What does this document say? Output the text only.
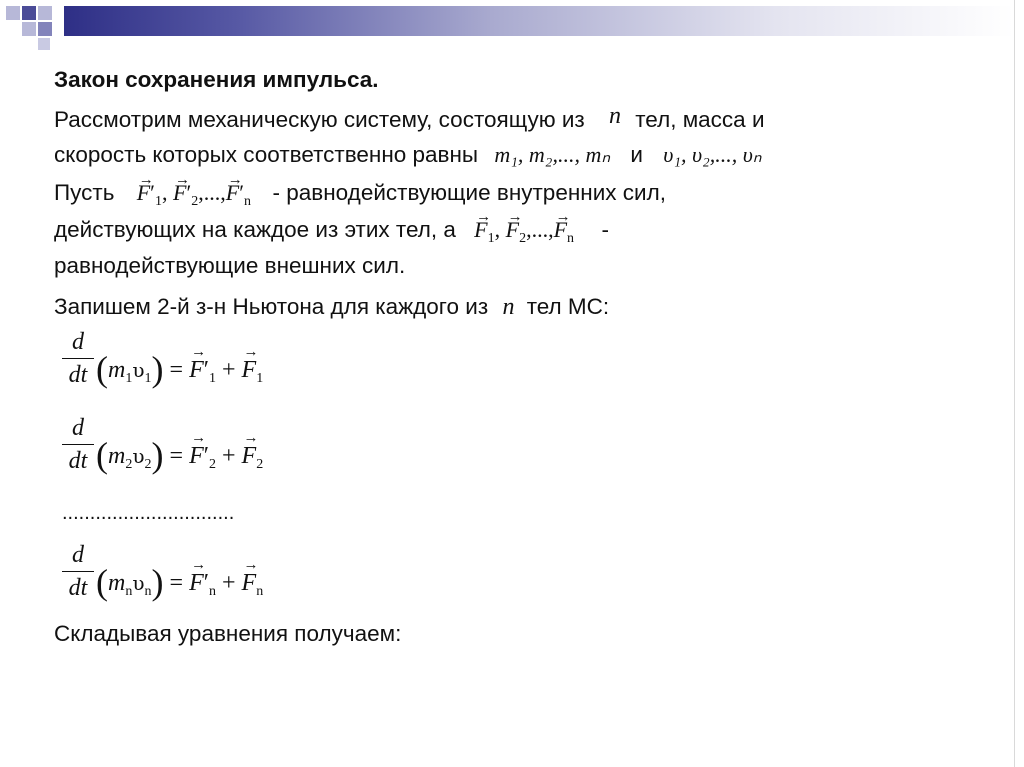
Закон сохранения импульса.
Рассмотрим механическую систему, состоящую из n тел, масса и
скорость которых соответственно равны m₁, m₂,..., mₙ и υ₁, υ₂,..., υₙ
Пусть → $F'_1$, → $F'_2,...,\to F'_n$ - равнодействующие внутренних сил,
действующих на каждое из этих тел, $а \to F_1$, → $F_2,...,\to F_n$ -
равнодействующие внешних сил.
Запишем 2-й з-н Ньютона для каждого из n тел МС:
d
dt $(m_1\upsilon_1)$ = → $F'_1$ + → $F_1$
d
dt $(m_2\upsilon_2)$ = → $F'_2$ + → $F_2$
...............................
d
dt $(m_n\upsilon_n)$ = → $F'_n$ + → $F_n$
Складывая уравнения получаем:
